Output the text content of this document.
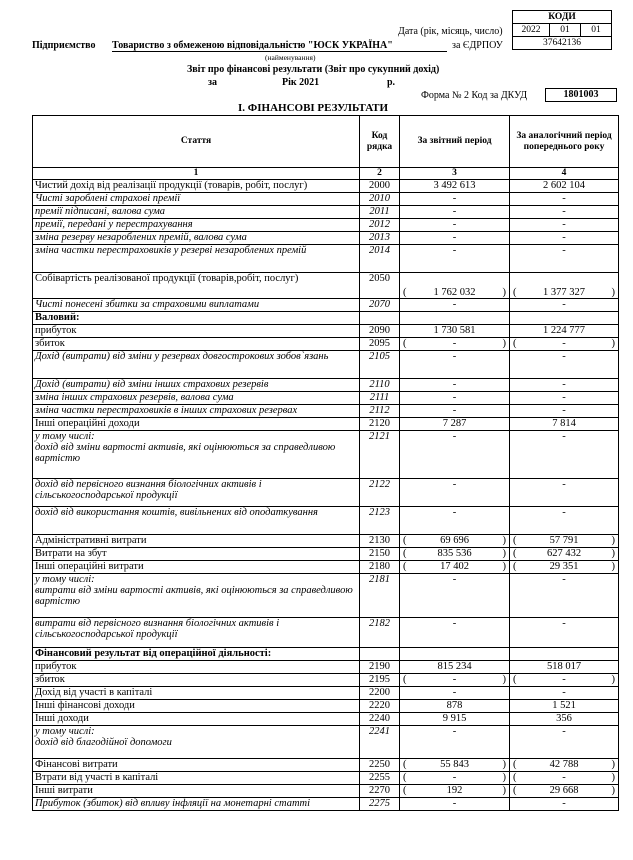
КОДИ
2022	01	01
37642136
Дата (рік, місяць, число)
Підприємство Товариство з обмеженою відповідальністю "ЮСК УКРАЇНА"	за ЄДРПОУ
(найменування)
Звіт про фінансові результати (Звіт про сукупний дохід)
за	Рік 2021	р.
Форма № 2 Код за ДКУД	1801003
І. ФІНАНСОВІ РЕЗУЛЬТАТИ
Стаття	Код рядка	За звітний період	За аналогічний період попереднього року
1	2	3	4
Чистий дохід від реалізації продукції (товарів, робіт, послуг)	2000	3 492 613	2 602 104
Чисті зароблені страхові премії	2010	-	-
премії підписані, валова сума	2011	-	-
премії, передані у перестрахування	2012	-	-
зміна резерву незароблених премій, валова сума	2013	-	-
зміна частки перестраховиків у резерві незароблених премій	2014	-	-
Собівартість реалізованої продукції (товарів,робіт, послуг)	2050	( 1 762 032 )	( 1 377 327 )

Чисті понесені збитки за страховими виплатами	2070	-	-
Валовий:			
прибуток	2090	1 730 581	1 224 777
збиток	2095	( - )	( - )

Дохід (витрати) від зміни у резервах довгострокових зобов`язань	2105	-	-
Дохід (витрати) від зміни інших страхових резервів	2110	-	-
зміна інших страхових резервів, валова сума	2111	-	-
зміна частки перестраховиків в інших страхових резервах	2112	-	-
Інші операційні доходи	2120	7 287	7 814
у тому числі:
дохід від зміни вартості активів, які оцінюються за справедливою вартістю	2121	-	-
дохід від первісного визнання біологічних активів і сільськогосподарської продукції	2122	-	-
дохід від використання коштів, вивільнених від оподаткування	2123	-	-
Адміністративні витрати	2130	( 69 696 )	( 57 791 )

Витрати на збут	2150	( 835 536 )	( 627 432 )

Інші операційні витрати	2180	( 17 402 )	( 29 351 )

у тому числі:
витрати від зміни вартості активів, які оцінюються за справедливою вартістю	2181	-	-
витрати від первісного визнання біологічних активів і сільськогосподарської продукції	2182	-	-
Фінансовий результат від операційної діяльності:			
прибуток	2190	815 234	518 017
збиток	2195	( - )	( - )

Дохід від участі в капіталі	2200	-	-
Інші фінансові доходи	2220	878	1 521
Інші доходи	2240	9 915	356
у тому числі:
дохід від благодійної допомоги	2241	-	-
Фінансові витрати	2250	( 55 843 )	( 42 788 )

Втрати від участі в капіталі	2255	( - )	( - )

Інші витрати	2270	( 192 )	( 29 668 )

Прибуток (збиток) від впливу інфляції на монетарні статті	2275	-	-
